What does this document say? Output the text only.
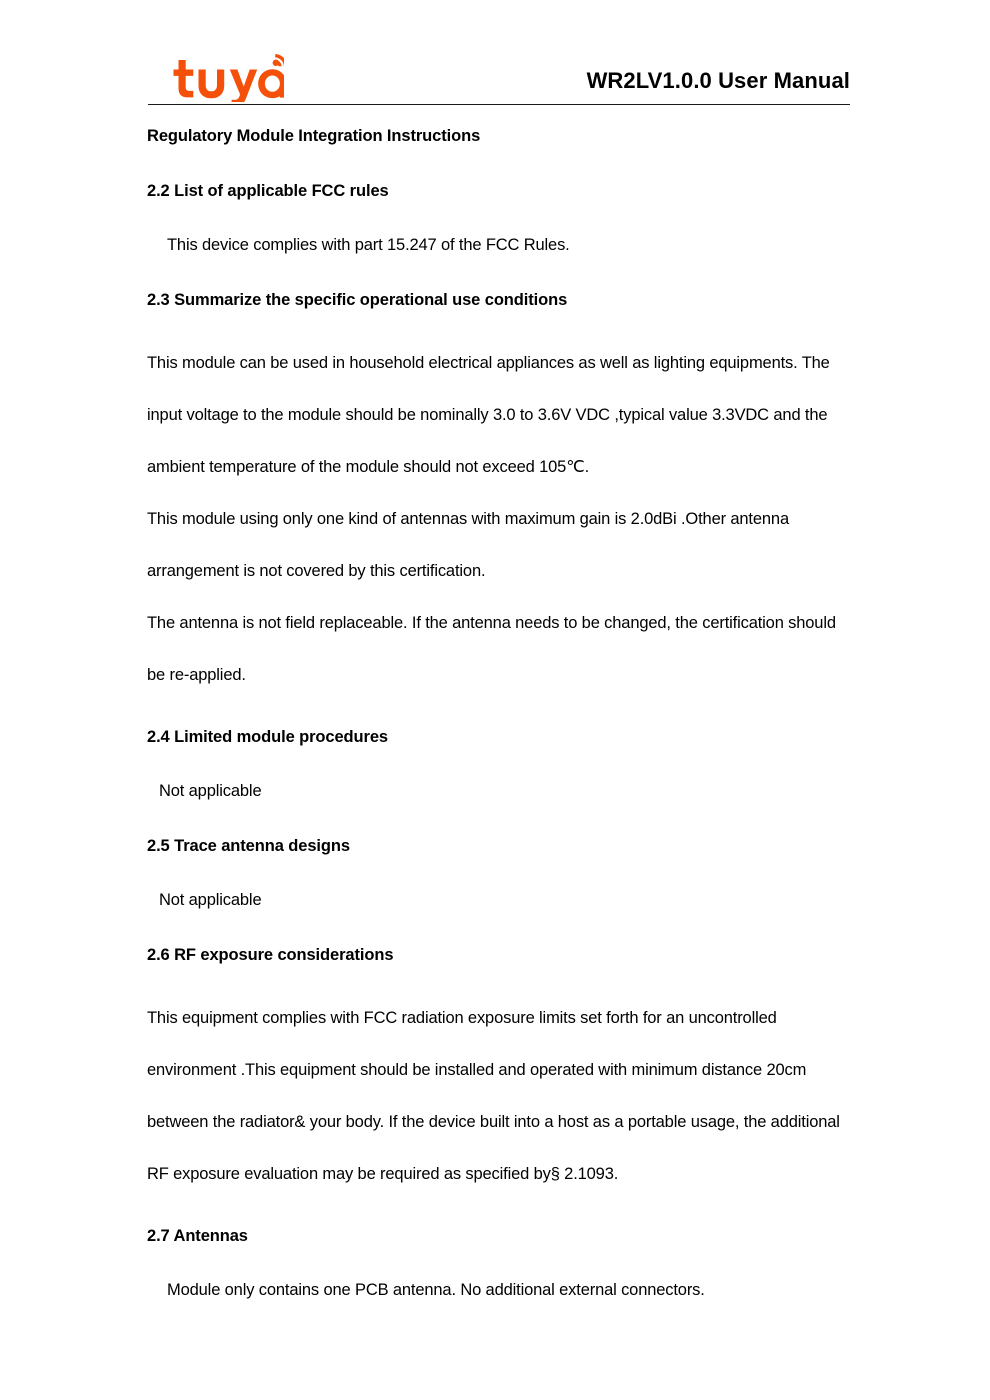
WR2LV1.0.0 User Manual

Regulatory Module Integration Instructions

2.2 List of applicable FCC rules

This device complies with part 15.247 of the FCC Rules.

2.3 Summarize the specific operational use conditions

This module can be used in household electrical appliances as well as lighting equipments. The input voltage to the module should be nominally 3.0 to 3.6V VDC ,typical value 3.3VDC and the ambient temperature of the module should not exceed 105℃.

This module using only one kind of antennas with maximum gain is 2.0dBi .Other antenna arrangement is not covered by this certification.

The antenna is not field replaceable. If the antenna needs to be changed, the certification should be re-applied.

2.4 Limited module procedures

Not applicable

2.5 Trace antenna designs

Not applicable

2.6 RF exposure considerations

This equipment complies with FCC radiation exposure limits set forth for an uncontrolled environment .This equipment should be installed and operated with minimum distance 20cm between the radiator& your body. If the device built into a host as a portable usage, the additional RF exposure evaluation may be required as specified by§ 2.1093.

2.7 Antennas

Module only contains one PCB antenna. No additional external connectors.
